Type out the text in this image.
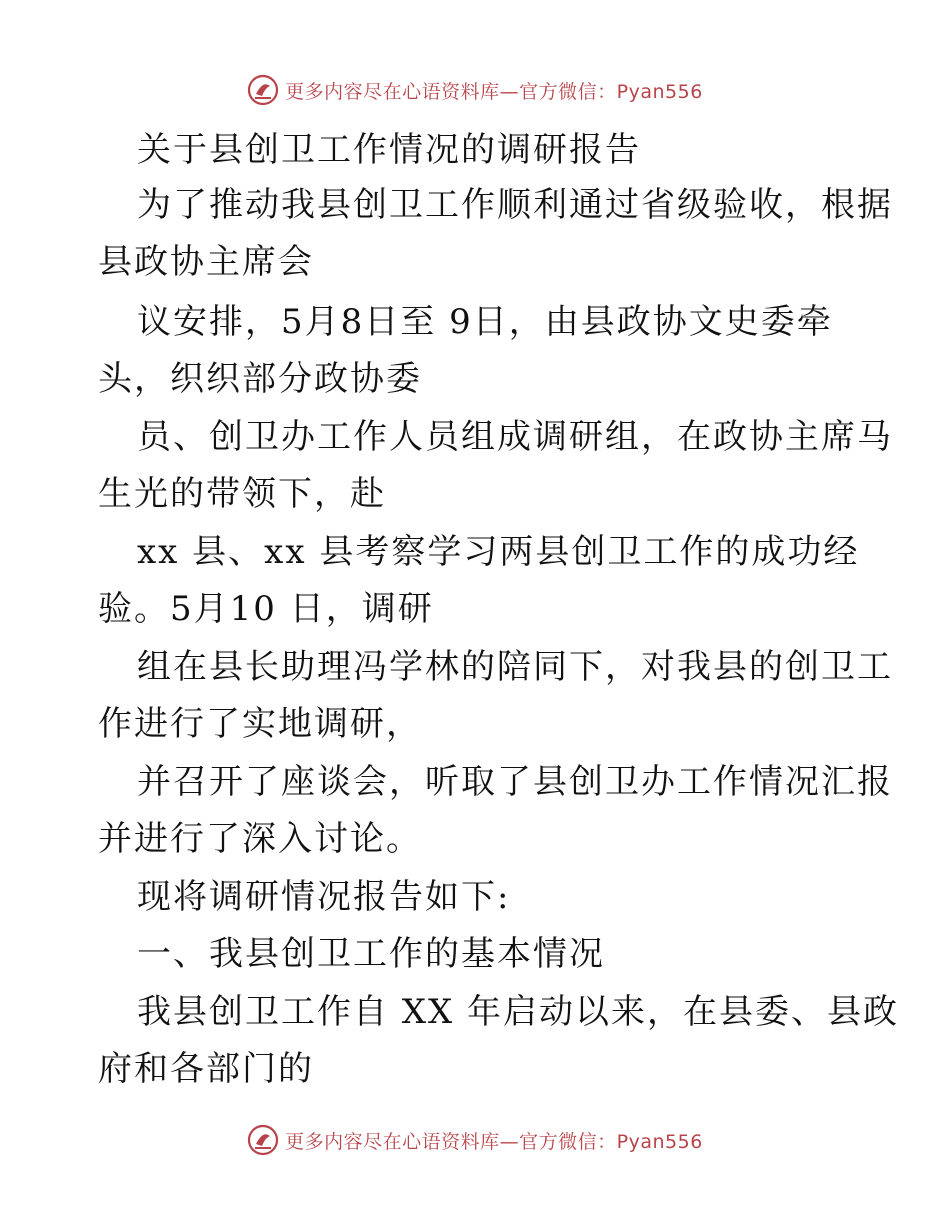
更多内容尽在心语资料库—官方微信：Pyan556
关于县创卫工作情况的调研报告
为了推动我县创卫工作顺利通过省级验收，根据
县政协主席会
议安排，5月8日至 9日，由县政协文史委牵
头，织织部分政协委
员、创卫办工作人员组成调研组，在政协主席马
生光的带领下，赴
xx 县、xx 县考察学习两县创卫工作的成功经
验。5月10 日，调研
组在县长助理冯学林的陪同下，对我县的创卫工
作进行了实地调研，
并召开了座谈会，听取了县创卫办工作情况汇报
并进行了深入讨论。
现将调研情况报告如下:
一、我县创卫工作的基本情况
我县创卫工作自 XX 年启动以来，在县委、县政
府和各部门的
更多内容尽在心语资料库—官方微信：Pyan556
